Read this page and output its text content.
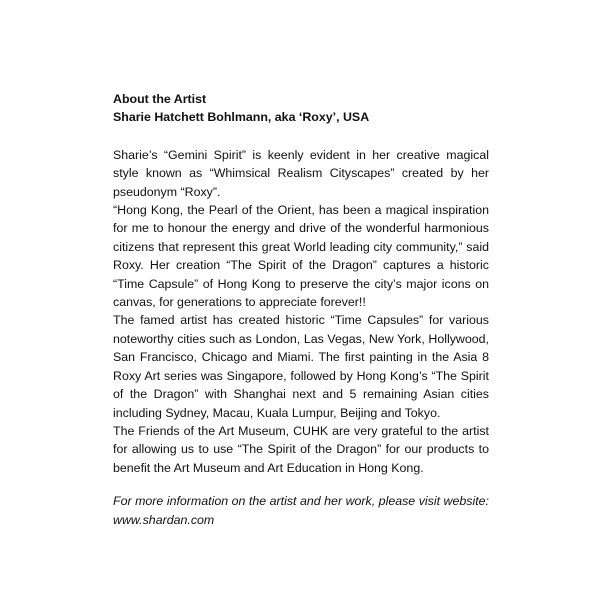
About the Artist

Sharie Hatchett Bohlmann, aka ‘Roxy’, USA

Sharie’s “Gemini Spirit” is keenly evident in her creative magical style known as “Whimsical Realism Cityscapes” created by her pseudonym “Roxy”.

“Hong Kong, the Pearl of the Orient, has been a magical inspiration for me to honour the energy and drive of the wonderful harmonious citizens that represent this great World leading city community,” said Roxy. Her creation “The Spirit of the Dragon” captures a historic “Time Capsule” of Hong Kong to preserve the city’s major icons on canvas, for generations to appreciate forever!!

The famed artist has created historic “Time Capsules” for various noteworthy cities such as London, Las Vegas, New York, Hollywood, San Francisco, Chicago and Miami. The first painting in the Asia 8 Roxy Art series was Singapore, followed by Hong Kong’s “The Spirit of the Dragon” with Shanghai next and 5 remaining Asian cities including Sydney, Macau, Kuala Lumpur, Beijing and Tokyo.

The Friends of the Art Museum, CUHK are very grateful to the artist for allowing us to use “The Spirit of the Dragon” for our products to benefit the Art Museum and Art Education in Hong Kong.

For more information on the artist and her work, please visit website: www.shardan.com
